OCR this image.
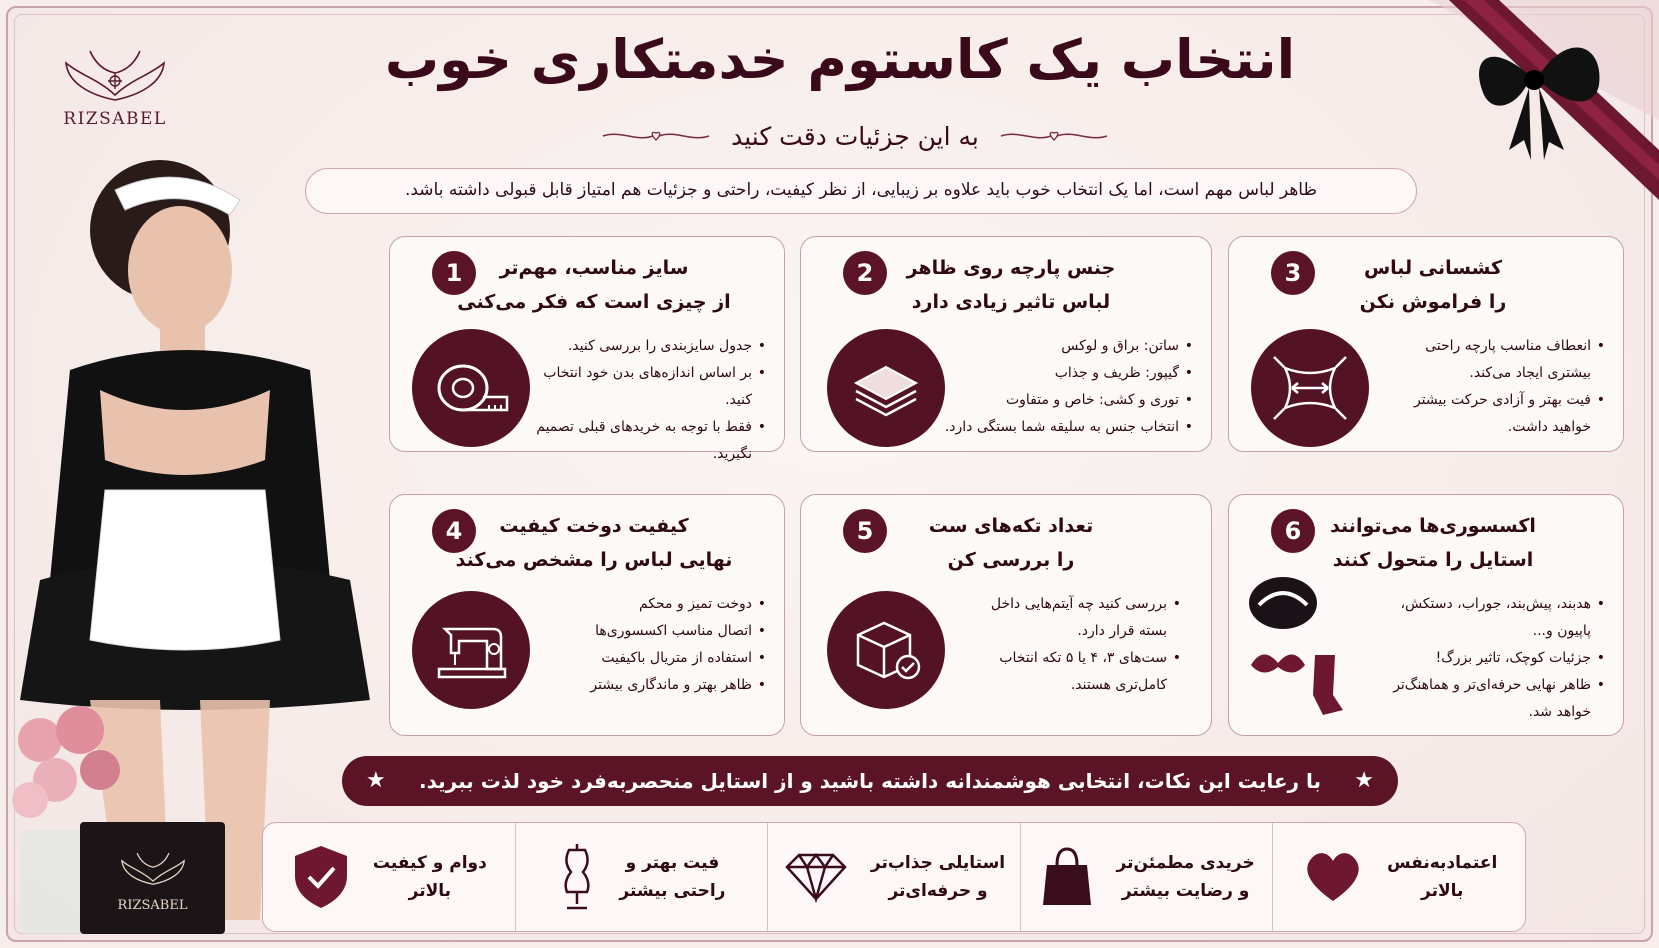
RIZSABEL
انتخاب یک کاستوم خدمتکاری خوب
به این جزئیات دقت کنید
ظاهر لباس مهم است، اما یک انتخاب خوب باید علاوه بر زیبایی، از نظر کیفیت، راحتی و جزئیات هم امتیاز قابل قبولی داشته باشد.
RIZSABEL
3	کشسانی لباس
را فراموش نکن
• انعطاف مناسب پارچه راحتی بیشتری ایجاد می‌کند.
• فیت بهتر و آزادی حرکت بیشتر خواهید داشت.
2	جنس پارچه روی ظاهر
لباس تاثیر زیادی دارد
• ساتن: براق و لوکس
• گیپور: ظریف و جذاب
• توری و کشی: خاص و متفاوت
• انتخاب جنس به سلیقه شما بستگی دارد.
1	سایز مناسب، مهم‌تر
از چیزی است که فکر می‌کنی
• جدول سایزبندی را بررسی کنید.
• بر اساس اندازه‌های بدن خود انتخاب کنید.
• فقط با توجه به خریدهای قبلی تصمیم نگیرید.
6	اکسسوری‌ها می‌توانند
استایل را متحول کنند
• هدبند، پیش‌بند، جوراب، دستکش، پاپیون و...
• جزئیات کوچک، تاثیر بزرگ!
• ظاهر نهایی حرفه‌ای‌تر و هماهنگ‌تر خواهد شد.
5	تعداد تکه‌های ست
را بررسی کن
• بررسی کنید چه آیتم‌هایی داخل بسته قرار دارد.
• ست‌های ۳، ۴ یا ۵ تکه انتخاب کامل‌تری هستند.
4	کیفیت دوخت کیفیت
نهایی لباس را مشخص می‌کند
• دوخت تمیز و محکم
• اتصال مناسب اکسسوری‌ها
• استفاده از متریال باکیفیت
• ظاهر بهتر و ماندگاری بیشتر
★
با رعایت این نکات، انتخابی هوشمندانه داشته باشید و از استایل منحصربه‌فرد خود لذت ببرید.
★
اعتمادبه‌نفس
بالاتر
خریدی مطمئن‌تر
و رضایت بیشتر
استایلی جذاب‌تر
و حرفه‌ای‌تر
فیت بهتر و
راحتی بیشتر
دوام و کیفیت
بالاتر
